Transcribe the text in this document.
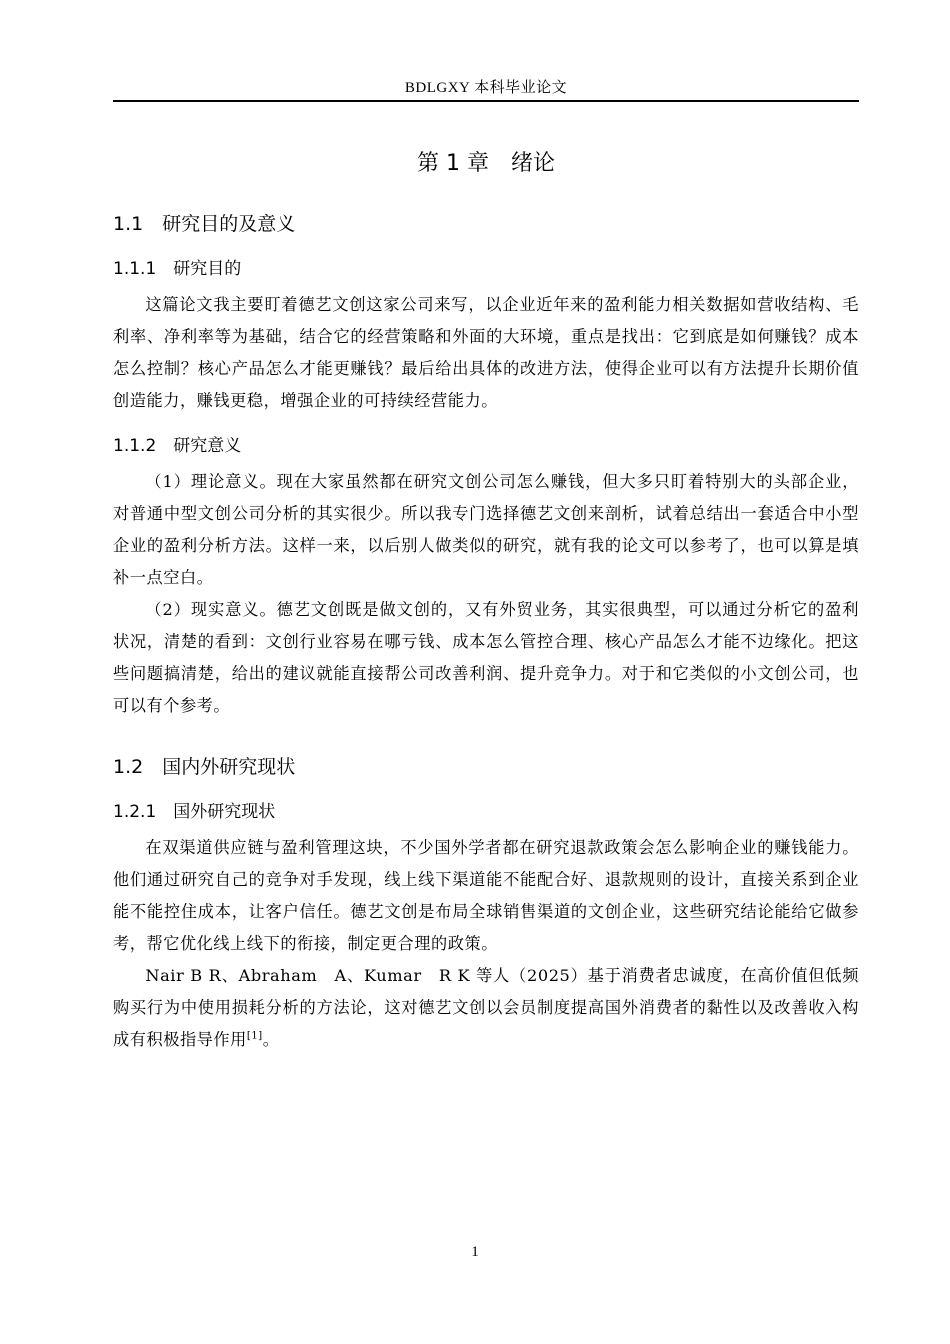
BDLGXY 本科毕业论文
第 1 章　绪论
1.1　研究目的及意义
1.1.1　研究目的

这篇论文我主要盯着德艺文创这家公司来写，以企业近年来的盈利能力相关数据如营收结构、毛利率、净利率等为基础，结合它的经营策略和外面的大环境，重点是找出：它到底是如何赚钱？成本怎么控制？核心产品怎么才能更赚钱？最后给出具体的改进方法，使得企业可以有方法提升长期价值创造能力，赚钱更稳，增强企业的可持续经营能力。

1.1.2　研究意义

（1）理论意义。现在大家虽然都在研究文创公司怎么赚钱，但大多只盯着特别大的头部企业，对普通中型文创公司分析的其实很少。所以我专门选择德艺文创来剖析，试着总结出一套适合中小型企业的盈利分析方法。这样一来，以后别人做类似的研究，就有我的论文可以参考了，也可以算是填补一点空白。

（2）现实意义。德艺文创既是做文创的，又有外贸业务，其实很典型，可以通过分析它的盈利状况，清楚的看到：文创行业容易在哪亏钱、成本怎么管控合理、核心产品怎么才能不边缘化。把这些问题搞清楚，给出的建议就能直接帮公司改善利润、提升竞争力。对于和它类似的小文创公司，也可以有个参考。

1.2　国内外研究现状
1.2.1　国外研究现状

在双渠道供应链与盈利管理这块，不少国外学者都在研究退款政策会怎么影响企业的赚钱能力。他们通过研究自己的竞争对手发现，线上线下渠道能不能配合好、退款规则的设计，直接关系到企业能不能控住成本，让客户信任。德艺文创是布局全球销售渠道的文创企业，这些研究结论能给它做参考，帮它优化线上线下的衔接，制定更合理的政策。

Nair B R、Abraham　A、Kumar　R K 等人（2025）基于消费者忠诚度，在高价值但低频购买行为中使用损耗分析的方法论，这对德艺文创以会员制度提高国外消费者的黏性以及改善收入构成有积极指导作用[1]。

1
